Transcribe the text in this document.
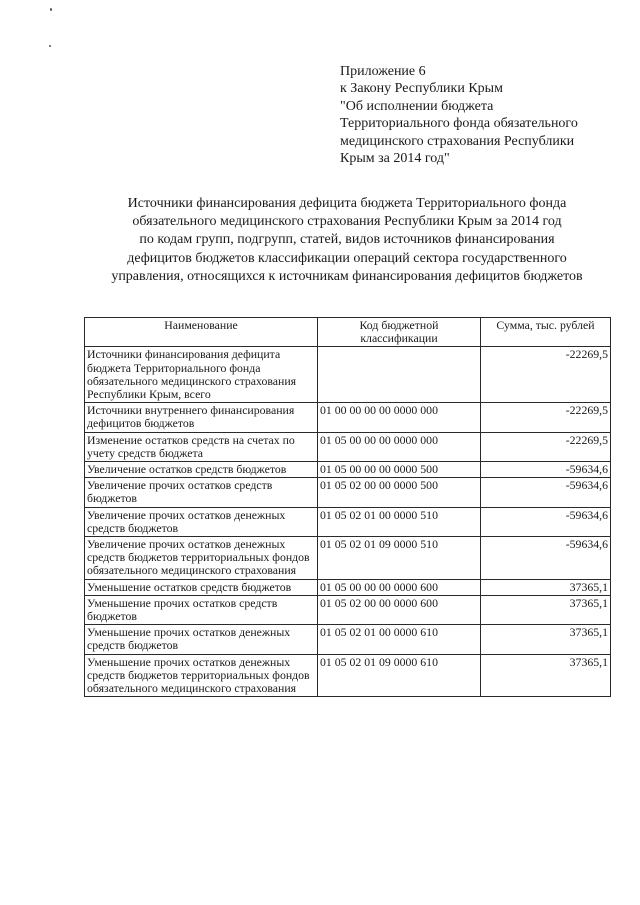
Приложение 6
к Закону Республики Крым
"Об исполнении бюджета
Территориального фонда обязательного
медицинского страхования Республики
Крым за 2014 год"
Источники финансирования дефицита бюджета Территориального фонда
обязательного медицинского страхования Республики Крым за 2014 год
по кодам групп, подгрупп, статей, видов источников финансирования
дефицитов бюджетов классификации операций сектора государственного
управления, относящихся к источникам финансирования дефицитов бюджетов
Наименование	Код бюджетной классификации	Сумма, тыс. рублей
Источники финансирования дефицита бюджета Территориального фонда обязательного медицинского страхования Республики Крым, всего		-22269,5
Источники внутреннего финансирования дефицитов бюджетов	01 00 00 00 00 0000 000	-22269,5
Изменение остатков средств на счетах по учету средств бюджета	01 05 00 00 00 0000 000	-22269,5
Увеличение остатков средств бюджетов	01 05 00 00 00 0000 500	-59634,6
Увеличение прочих остатков средств бюджетов	01 05 02 00 00 0000 500	-59634,6
Увеличение прочих остатков денежных средств бюджетов	01 05 02 01 00 0000 510	-59634,6
Увеличение прочих остатков денежных средств бюджетов территориальных фондов обязательного медицинского страхования	01 05 02 01 09 0000 510	-59634,6
Уменьшение остатков средств бюджетов	01 05 00 00 00 0000 600	37365,1
Уменьшение прочих остатков средств бюджетов	01 05 02 00 00 0000 600	37365,1
Уменьшение прочих остатков денежных средств бюджетов	01 05 02 01 00 0000 610	37365,1
Уменьшение прочих остатков денежных средств бюджетов территориальных фондов обязательного медицинского страхования	01 05 02 01 09 0000 610	37365,1
